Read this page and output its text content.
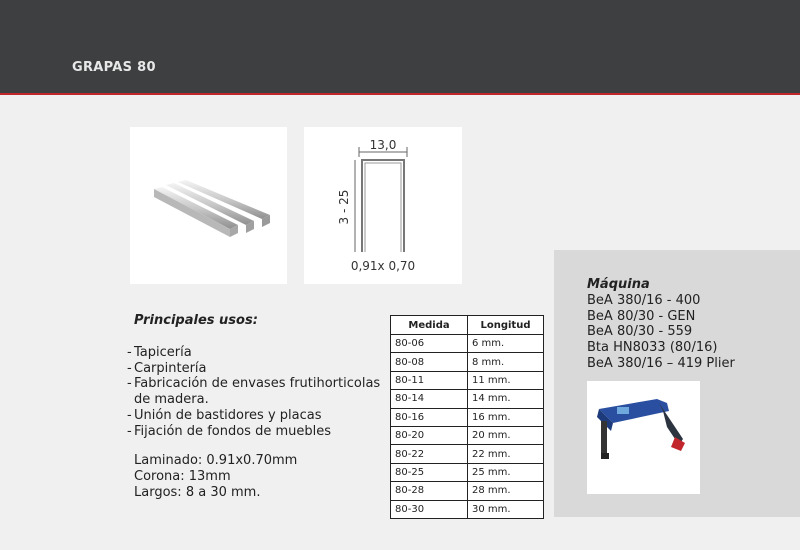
GRAPAS 80
13,0
3 - 25
0,91x 0,70
Principales usos:
- Tapicería
- Carpintería
- Fabricación de envases frutihorticolas de madera.
- Unión de bastidores y placas
- Fijación de fondos de muebles
Laminado: 0.91x0.70mm
Corona: 13mm
Largos: 8 a 30 mm.
Medida	Longitud
80-06	6 mm.
80-08	8 mm.
80-11	11 mm.
80-14	14 mm.
80-16	16 mm.
80-20	20 mm.
80-22	22 mm.
80-25	25 mm.
80-28	28 mm.
80-30	30 mm.
Máquina
BeA 380/16 - 400
BeA 80/30 - GEN
BeA 80/30 - 559
Bta HN8033 (80/16)
BeA 380/16 – 419 Plier
